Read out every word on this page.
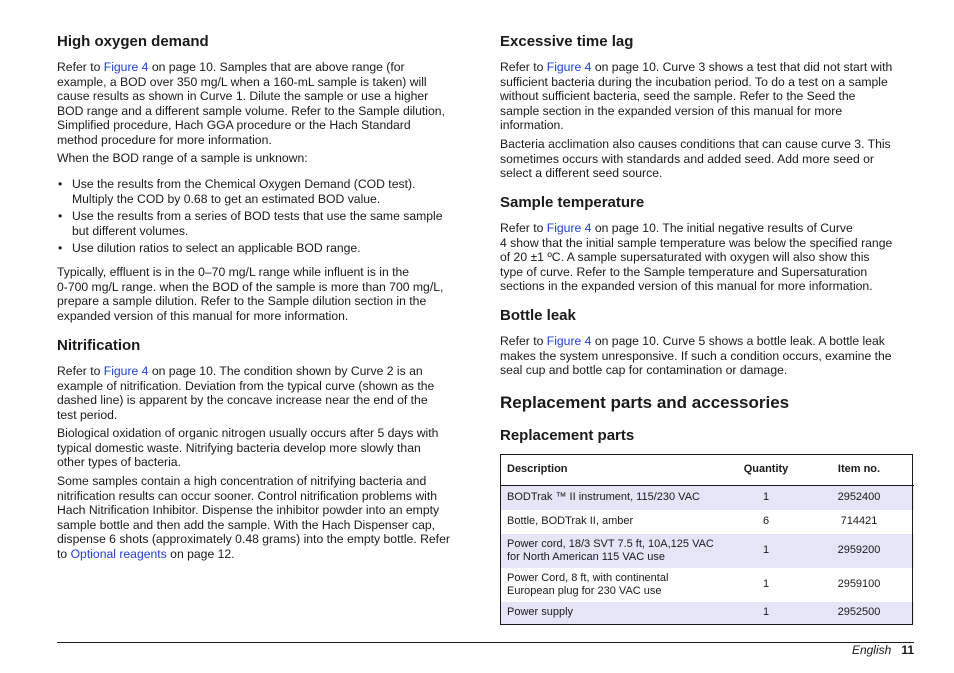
High oxygen demand
Refer to Figure 4 on page 10. Samples that are above range (for
example, a BOD over 350 mg/L when a 160-mL sample is taken) will
cause results as shown in Curve 1. Dilute the sample or use a higher
BOD range and a different sample volume. Refer to the Sample dilution,
Simplified procedure, Hach GGA procedure or the Hach Standard
method procedure for more information.
When the BOD range of a sample is unknown:
• Use the results from the Chemical Oxygen Demand (COD test).
Multiply the COD by 0.68 to get an estimated BOD value.
• Use the results from a series of BOD tests that use the same sample
but different volumes.
• Use dilution ratios to select an applicable BOD range.
Typically, effluent is in the 0–70 mg/L range while influent is in the
0-700 mg/L range. when the BOD of the sample is more than 700 mg/L,
prepare a sample dilution. Refer to the Sample dilution section in the
expanded version of this manual for more information.
Nitrification
Refer to Figure 4 on page 10. The condition shown by Curve 2 is an
example of nitrification. Deviation from the typical curve (shown as the
dashed line) is apparent by the concave increase near the end of the
test period.
Biological oxidation of organic nitrogen usually occurs after 5 days with
typical domestic waste. Nitrifying bacteria develop more slowly than
other types of bacteria.
Some samples contain a high concentration of nitrifying bacteria and
nitrification results can occur sooner. Control nitrification problems with
Hach Nitrification Inhibitor. Dispense the inhibitor powder into an empty
sample bottle and then add the sample. With the Hach Dispenser cap,
dispense 6 shots (approximately 0.48 grams) into the empty bottle. Refer
to Optional reagents on page 12.
Excessive time lag
Refer to Figure 4 on page 10. Curve 3 shows a test that did not start with
sufficient bacteria during the incubation period. To do a test on a sample
without sufficient bacteria, seed the sample. Refer to the Seed the
sample section in the expanded version of this manual for more
information.
Bacteria acclimation also causes conditions that can cause curve 3. This
sometimes occurs with standards and added seed. Add more seed or
select a different seed source.
Sample temperature
Refer to Figure 4 on page 10. The initial negative results of Curve
4 show that the initial sample temperature was below the specified range
of 20 ±1 ºC. A sample supersaturated with oxygen will also show this
type of curve. Refer to the Sample temperature and Supersaturation
sections in the expanded version of this manual for more information.
Bottle leak
Refer to Figure 4 on page 10. Curve 5 shows a bottle leak. A bottle leak
makes the system unresponsive. If such a condition occurs, examine the
seal cup and bottle cap for contamination or damage.
Replacement parts and accessories
Replacement parts
Description	Quantity	Item no.
BODTrak ™ II instrument, 115/230 VAC	1	2952400
Bottle, BODTrak II, amber	6	714421

Power cord, 18/3 SVT 7.5 ft, 10A,125 VAC
for North American 115 VAC use	1	2959200

Power Cord, 8 ft, with continental
European plug for 230 VAC use	1	2959100
Power supply	1	2952500
English 11
